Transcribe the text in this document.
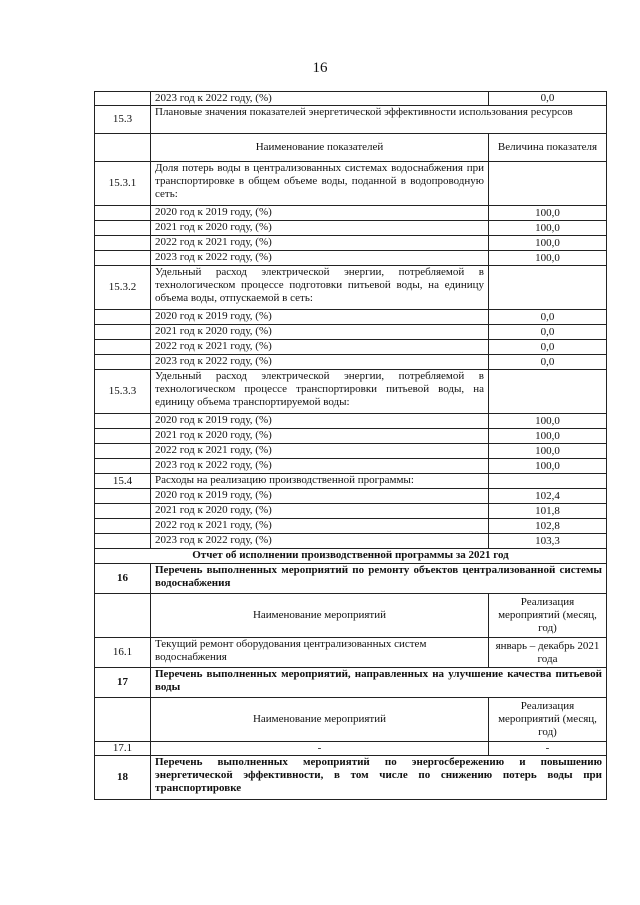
16
	2023 год к 2022 году, (%)	0,0
15.3	Плановые значения показателей энергетической эффективности использования ресурсов	
	Наименование показателей	Величина показателя
15.3.1	Доля потерь воды в централизованных системах водоснабжения при транспортировке в общем объеме воды, поданной в водопроводную сеть:	
	2020 год к 2019 году, (%)	100,0
	2021 год к 2020 году, (%)	100,0
	2022 год к 2021 году, (%)	100,0
	2023 год к 2022 году, (%)	100,0
15.3.2	Удельный расход электрической энергии, потребляемой в технологическом процессе подготовки питьевой воды, на единицу объема воды, отпускаемой в сеть:	
	2020 год к 2019 году, (%)	0,0
	2021 год к 2020 году, (%)	0,0
	2022 год к 2021 году, (%)	0,0
	2023 год к 2022 году, (%)	0,0
15.3.3	Удельный расход электрической энергии, потребляемой в технологическом процессе транспортировки питьевой воды, на единицу объема транспортируемой воды:	
	2020 год к 2019 году, (%)	100,0
	2021 год к 2020 году, (%)	100,0
	2022 год к 2021 году, (%)	100,0
	2023 год к 2022 году, (%)	100,0
15.4	Расходы на реализацию производственной программы:	
	2020 год к 2019 году, (%)	102,4
	2021 год к 2020 году, (%)	101,8
	2022 год к 2021 году, (%)	102,8
	2023 год к 2022 году, (%)	103,3
Отчет об исполнении производственной программы за 2021 год		
16	Перечень выполненных мероприятий по ремонту объектов централизованной системы водоснабжения	
	Наименование мероприятий	Реализация мероприятий (месяц, год)
16.1	Текущий ремонт оборудования централизованных систем водоснабжения	январь – декабрь 2021 года
17	Перечень выполненных мероприятий, направленных на улучшение качества питьевой воды	
	Наименование мероприятий	Реализация мероприятий (месяц, год)
17.1	-	-
18	Перечень выполненных мероприятий по энергосбережению и повышению энергетической эффективности, в том числе по снижению потерь воды при транспортировке	
